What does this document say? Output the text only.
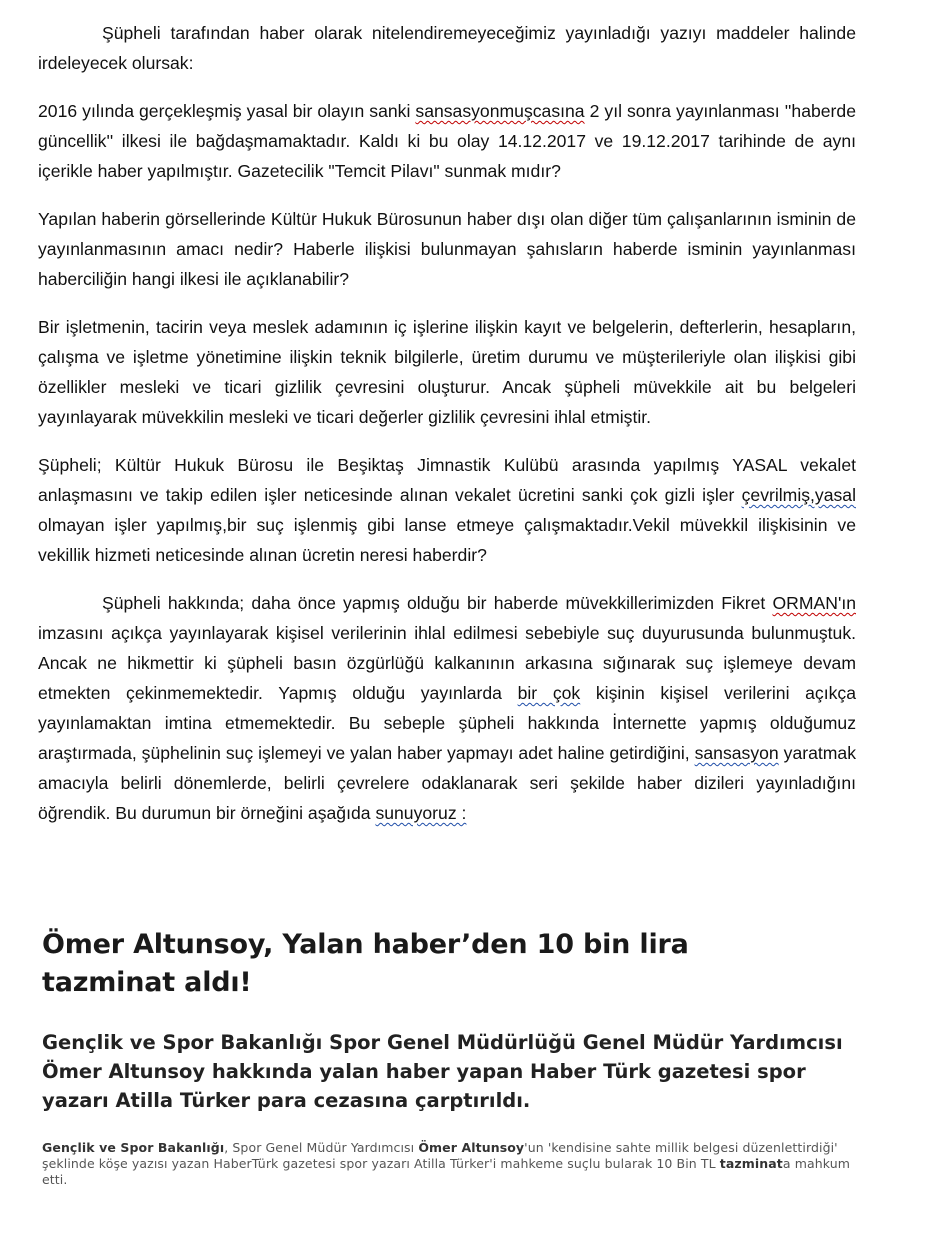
Şüpheli tarafından haber olarak nitelendiremeyeceğimiz yayınladığı yazıyı maddeler halinde irdeleyecek olursak:

2016 yılında gerçekleşmiş yasal bir olayın sanki sansasyonmuşcasına 2 yıl sonra yayınlanması ''haberde güncellik'' ilkesi ile bağdaşmamaktadır. Kaldı ki bu olay 14.12.2017 ve 19.12.2017 tarihinde de aynı içerikle haber yapılmıştır. Gazetecilik "Temcit Pilavı" sunmak mıdır?

Yapılan haberin görsellerinde Kültür Hukuk Bürosunun haber dışı olan diğer tüm çalışanlarının isminin de yayınlanmasının amacı nedir? Haberle ilişkisi bulunmayan şahısların haberde isminin yayınlanması haberciliğin hangi ilkesi ile açıklanabilir?

Bir işletmenin, tacirin veya meslek adamının iç işlerine ilişkin kayıt ve belgelerin, defterlerin, hesapların, çalışma ve işletme yönetimine ilişkin teknik bilgilerle, üretim durumu ve müşterileriyle olan ilişkisi gibi özellikler mesleki ve ticari gizlilik çevresini oluşturur. Ancak şüpheli müvekkile ait bu belgeleri yayınlayarak müvekkilin mesleki ve ticari değerler gizlilik çevresini ihlal etmiştir.

Şüpheli; Kültür Hukuk Bürosu ile Beşiktaş Jimnastik Kulübü arasında yapılmış YASAL vekalet anlaşmasını ve takip edilen işler neticesinde alınan vekalet ücretini sanki çok gizli işler çevrilmiş,yasal olmayan işler yapılmış,bir suç işlenmiş gibi lanse etmeye çalışmaktadır.Vekil müvekkil ilişkisinin ve vekillik hizmeti neticesinde alınan ücretin neresi haberdir?

Şüpheli hakkında; daha önce yapmış olduğu bir haberde müvekkillerimizden Fikret ORMAN'ın imzasını açıkça yayınlayarak kişisel verilerinin ihlal edilmesi sebebiyle suç duyurusunda bulunmuştuk. Ancak ne hikmettir ki şüpheli basın özgürlüğü kalkanının arkasına sığınarak suç işlemeye devam etmekten çekinmemektedir. Yapmış olduğu yayınlarda bir çok kişinin kişisel verilerini açıkça yayınlamaktan imtina etmemektedir. Bu sebeple şüpheli hakkında İnternette yapmış olduğumuz araştırmada, şüphelinin suç işlemeyi ve yalan haber yapmayı adet haline getirdiğini, sansasyon yaratmak amacıyla belirli dönemlerde, belirli çevrelere odaklanarak seri şekilde haber dizileri yayınladığını öğrendik. Bu durumun bir örneğini aşağıda sunuyoruz :

Ömer Altunsoy, Yalan haber’den 10 bin lira tazminat aldı!
Gençlik ve Spor Bakanlığı Spor Genel Müdürlüğü Genel Müdür Yardımcısı Ömer Altunsoy hakkında yalan haber yapan Haber Türk gazetesi spor yazarı Atilla Türker para cezasına çarptırıldı.
Gençlik ve Spor Bakanlığı, Spor Genel Müdür Yardımcısı Ömer Altunsoy'un 'kendisine sahte millik belgesi düzenlettirdiği' şeklinde köşe yazısı yazan HaberTürk gazetesi spor yazarı Atilla Türker'i mahkeme suçlu bularak 10 Bin TL tazminata mahkum etti.
